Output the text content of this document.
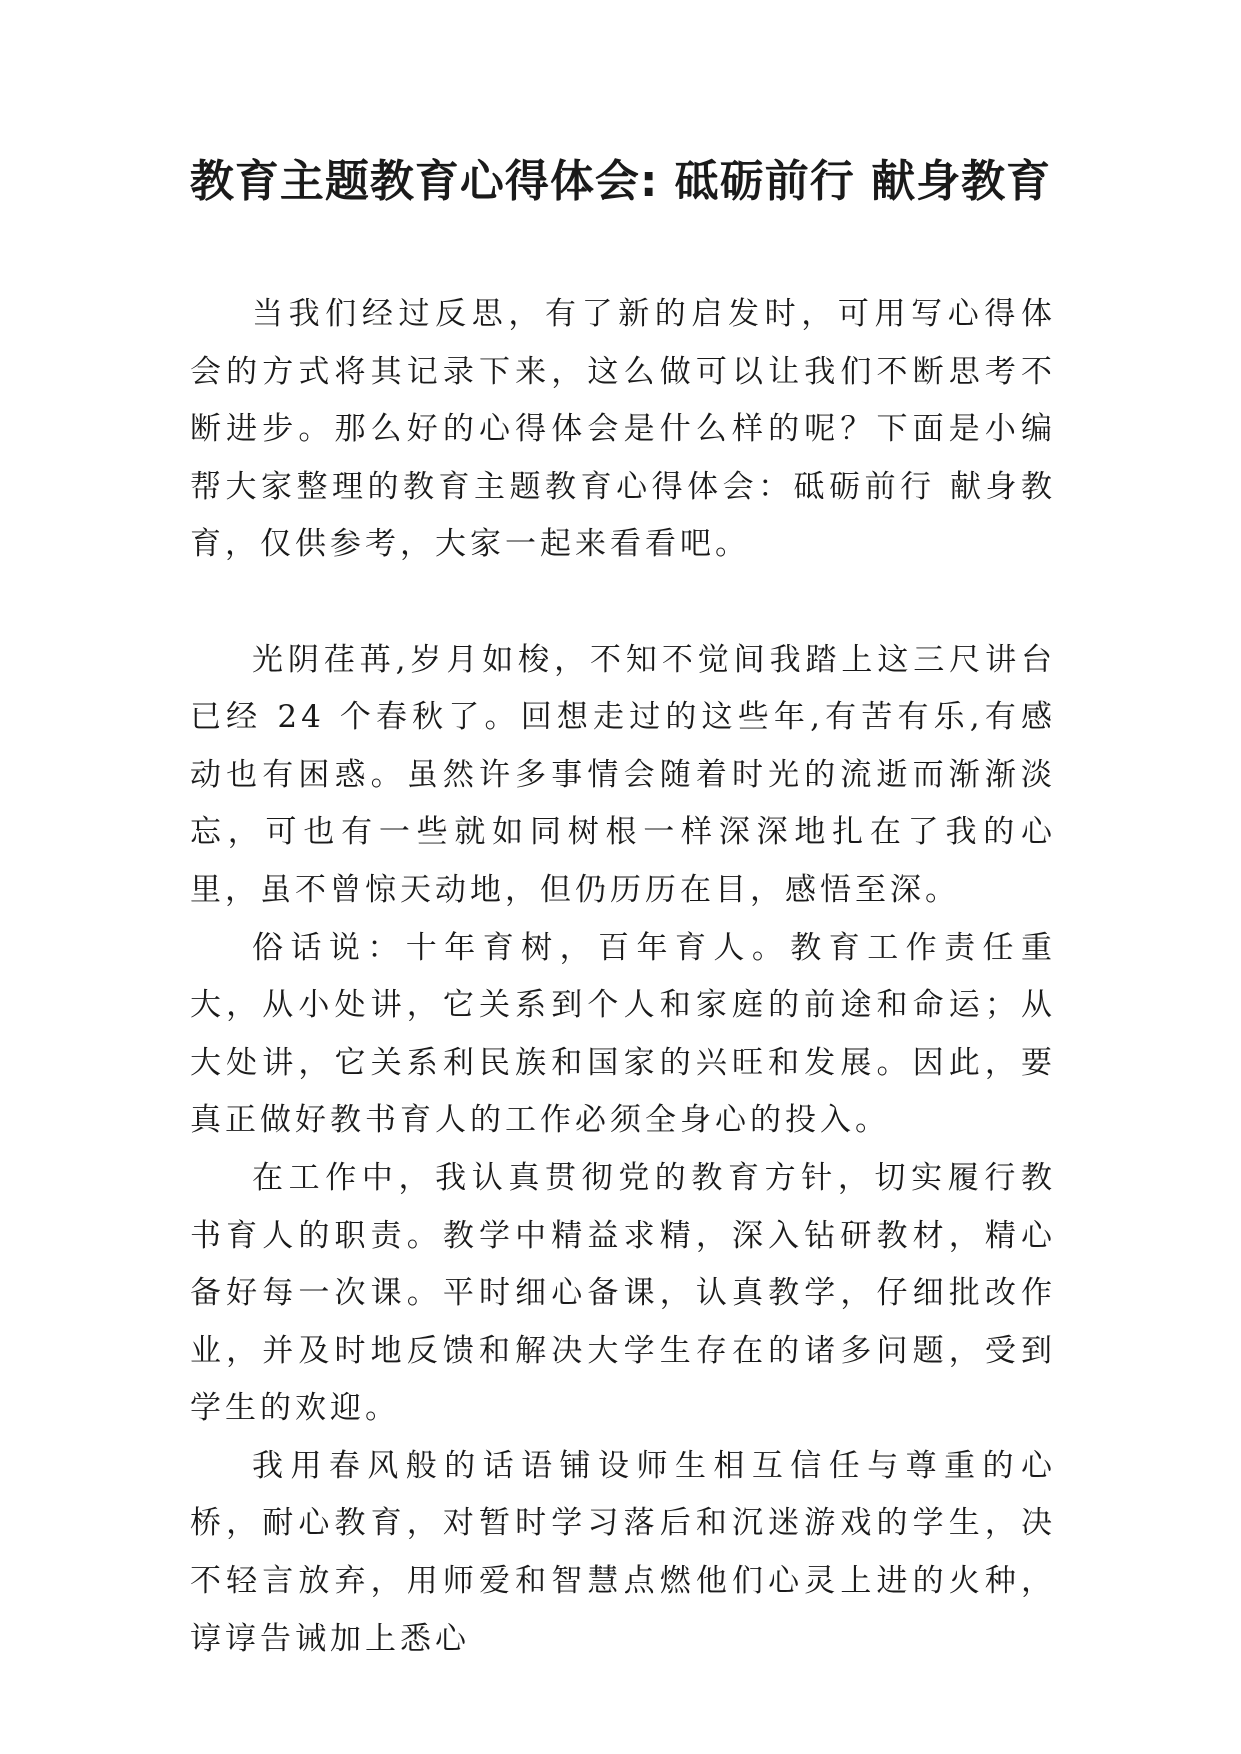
教育主题教育心得体会: 砥砺前行 献身教育

当我们经过反思，有了新的启发时，可用写心得体会的方式将其记录下来，这么做可以让我们不断思考不断进步。那么好的心得体会是什么样的呢？下面是小编帮大家整理的教育主题教育心得体会：砥砺前行 献身教育，仅供参考，大家一起来看看吧。

光阴荏苒,岁月如梭，不知不觉间我踏上这三尺讲台已经 24 个春秋了。回想走过的这些年,有苦有乐,有感动也有困惑。虽然许多事情会随着时光的流逝而渐渐淡忘，可也有一些就如同树根一样深深地扎在了我的心里，虽不曾惊天动地，但仍历历在目，感悟至深。

俗话说：十年育树，百年育人。教育工作责任重大，从小处讲，它关系到个人和家庭的前途和命运；从大处讲，它关系利民族和国家的兴旺和发展。因此，要真正做好教书育人的工作必须全身心的投入。

在工作中，我认真贯彻党的教育方针，切实履行教书育人的职责。教学中精益求精，深入钻研教材，精心备好每一次课。平时细心备课，认真教学，仔细批改作业，并及时地反馈和解决大学生存在的诸多问题，受到学生的欢迎。

我用春风般的话语铺设师生相互信任与尊重的心桥，耐心教育，对暂时学习落后和沉迷游戏的学生，决不轻言放弃，用师爱和智慧点燃他们心灵上进的火种，谆谆告诫加上悉心
